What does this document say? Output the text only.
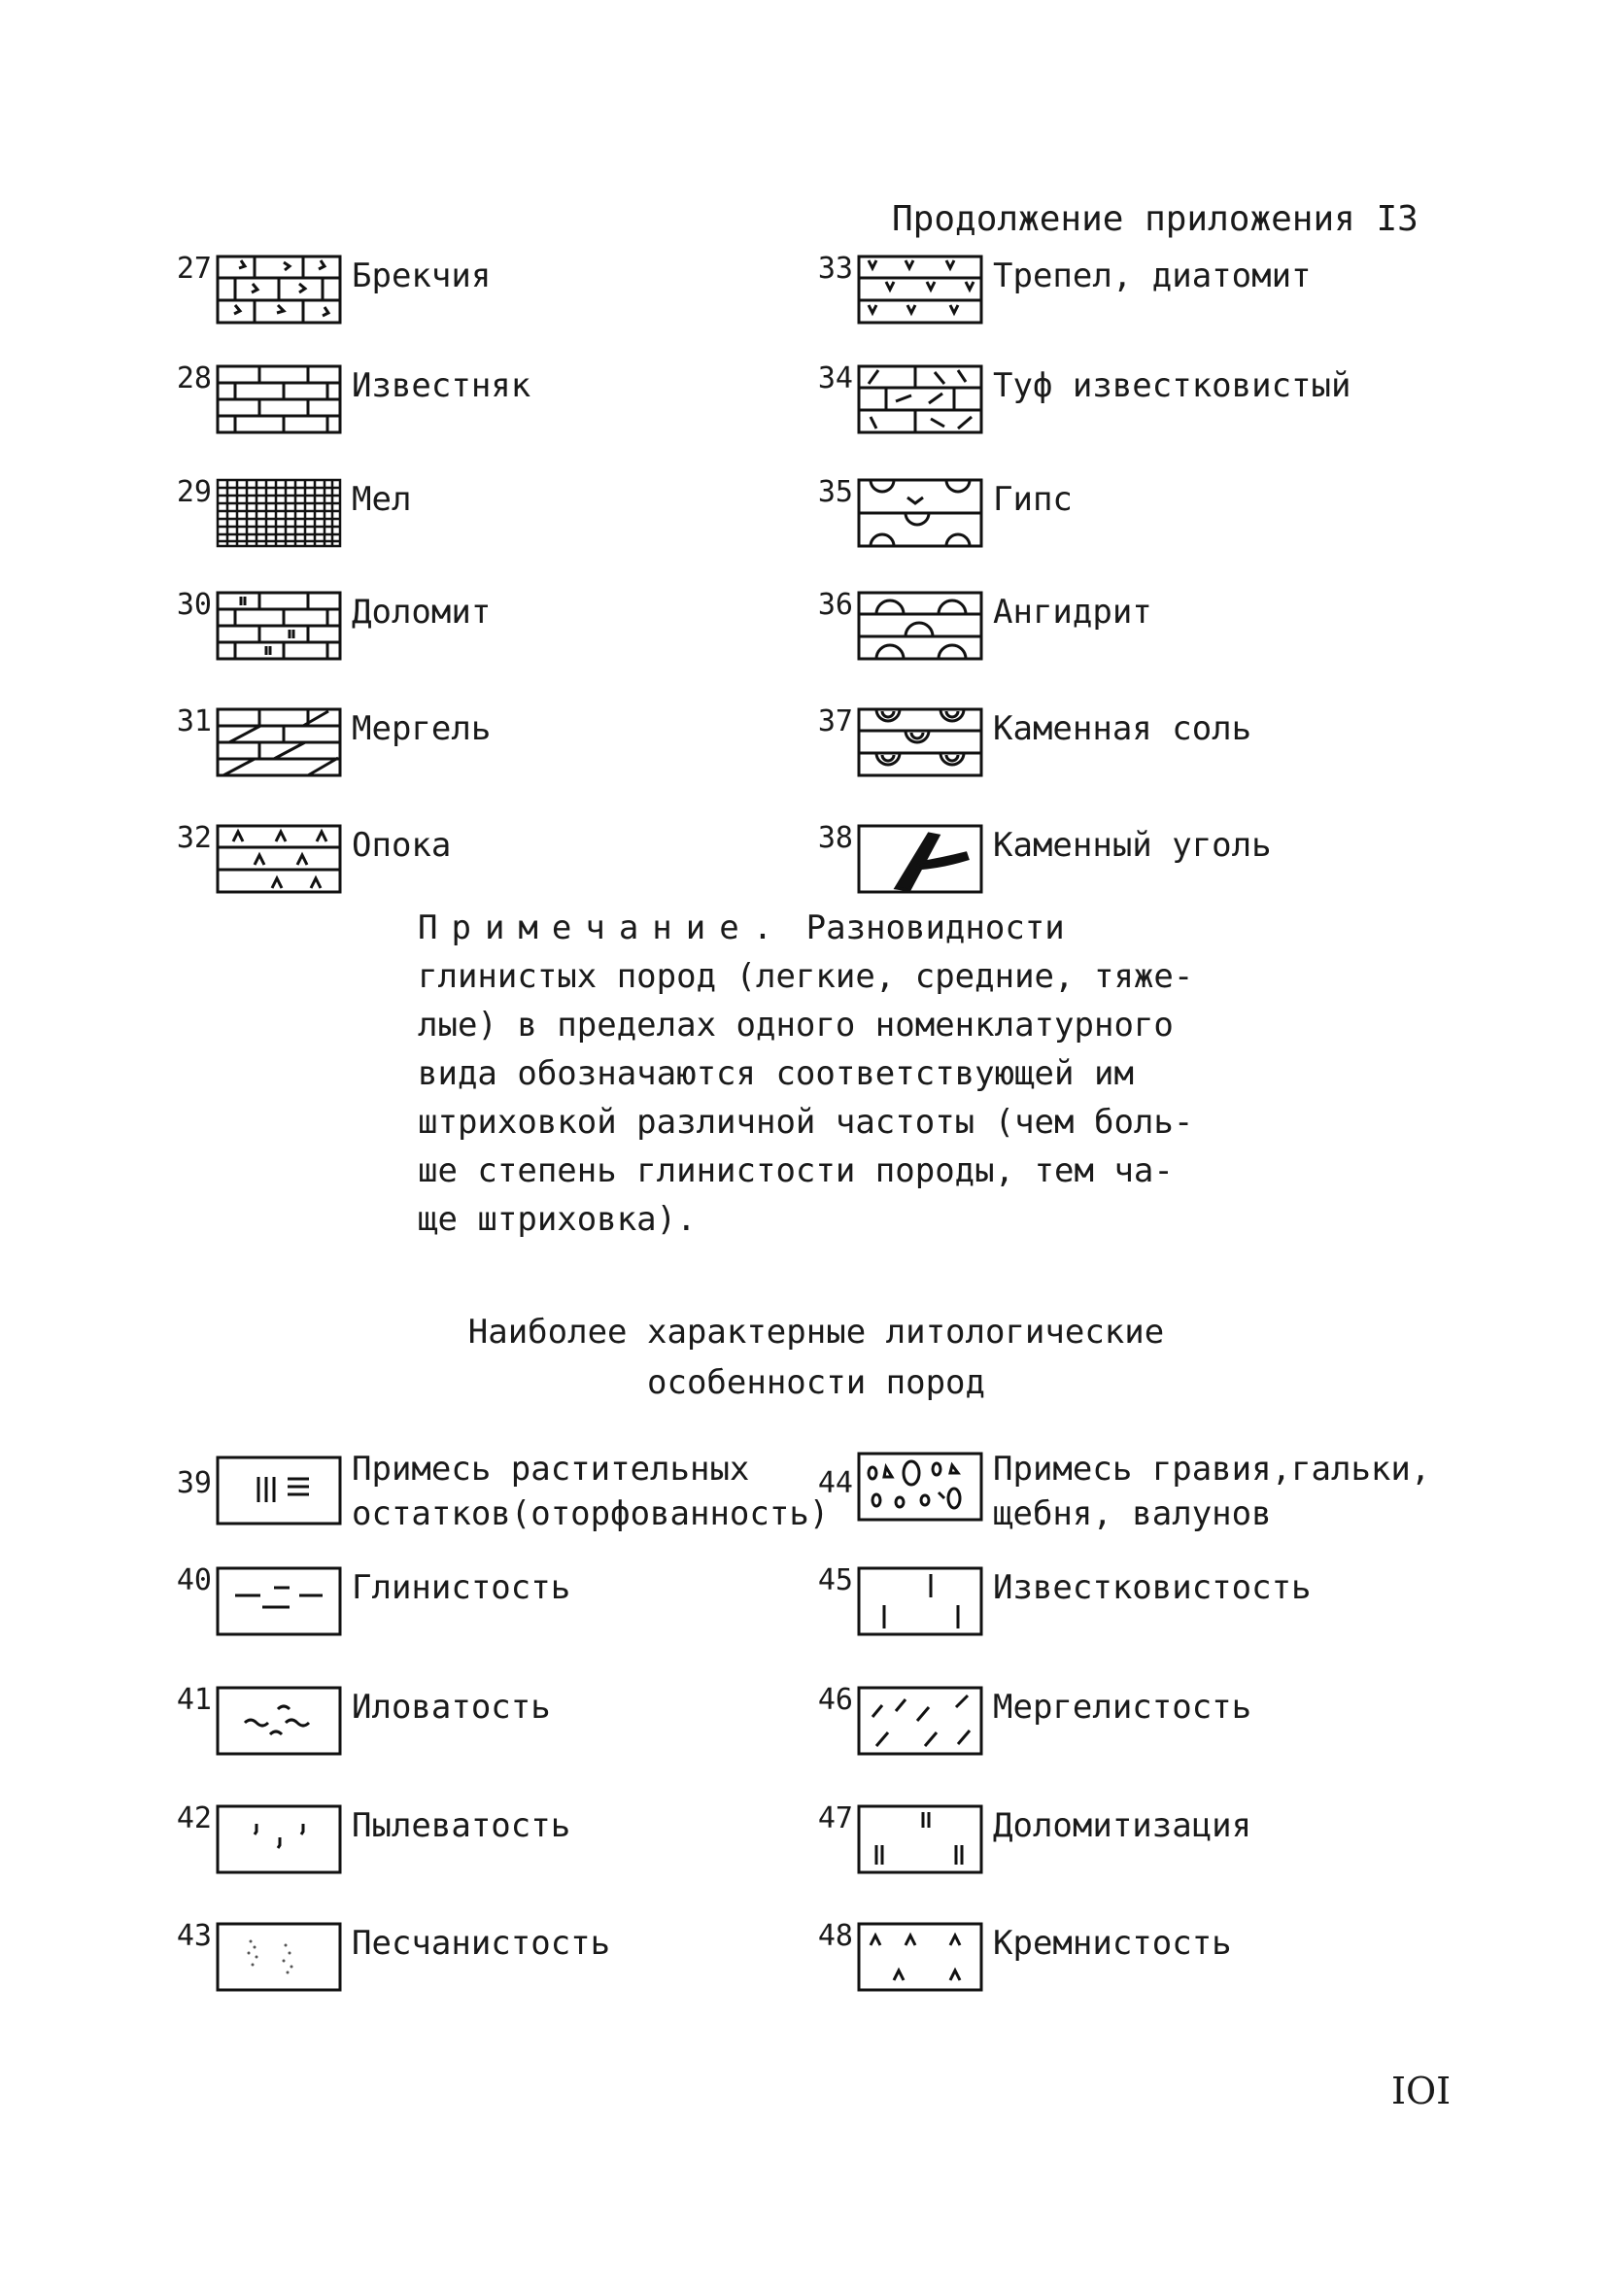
Продолжение приложения I3
27	Брекчия
28	Известняк
29	Мел
30	Доломит
31	Мергель
32	Опока
33	Трепел, диатомит
34	Туф известковистый
35	Гипс
36	Ангидрит
37	Каменная соль
38	Каменный уголь
Примечание. Разновидности
глинистых пород (легкие, средние, тяже-
лые) в пределах одного номенклатурного
вида обозначаются соответствующей им
штриховкой различной частоты (чем боль-
ше степень глинистости породы, тем ча-
ще штриховка).
Наиболее характерные литологические
особенности пород
39	Примесь растительных
остатков(оторфованность)
40	Глинистость
41	Иловатость
42	Пылеватость
43	Песчанистость
44	Примесь гравия,гальки,
щебня, валунов
45	Известковистость
46	Мергелистость
47	Доломитизация
48	Кремнистость
IOI
